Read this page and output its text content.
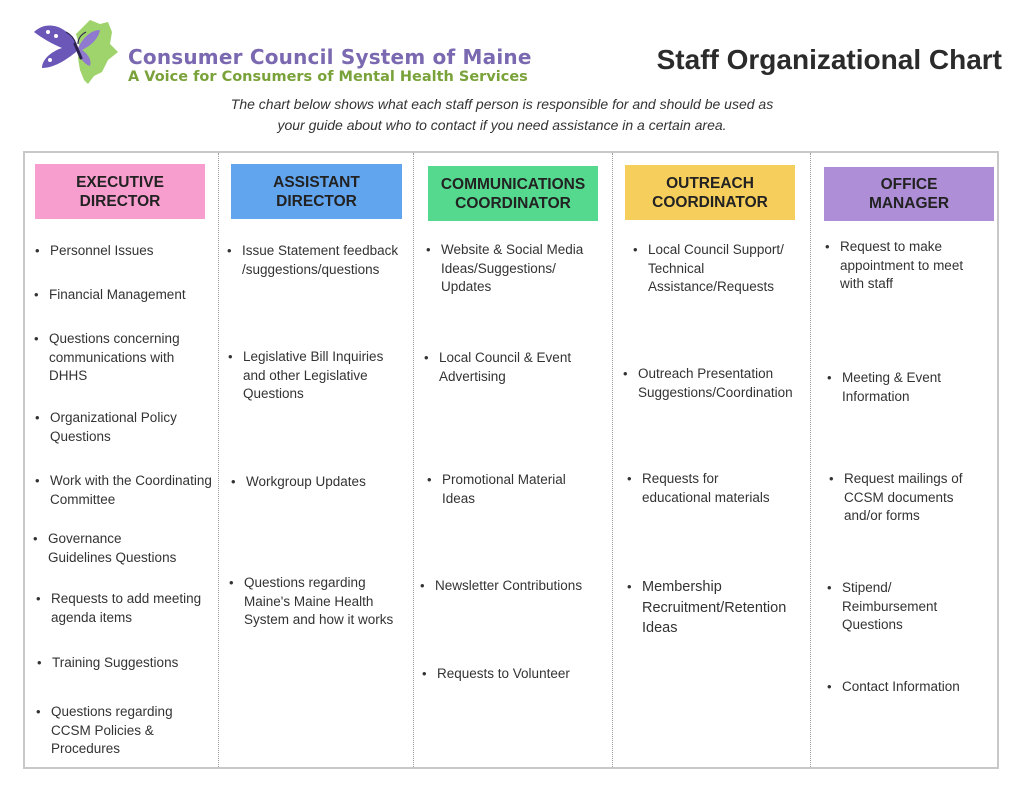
Consumer Council System of Maine
A Voice for Consumers of Mental Health Services
Staff Organizational Chart

The chart below shows what each staff person is responsible for and should be used as
your guide about who to contact if you need assistance in a certain area.

EXECUTIVE
DIRECTOR
• Personnel Issues
• Financial Management
• Questions concerning communications with DHHS
• Organizational Policy Questions
• Work with the Coordinating Committee
• Governance Guidelines Questions
• Requests to add meeting agenda items
• Training Suggestions
• Questions regarding CCSM Policies & Procedures
ASSISTANT
DIRECTOR
• Issue Statement feedback /suggestions/questions
• Legislative Bill Inquiries and other Legislative Questions
• Workgroup Updates
• Questions regarding Maine's Maine Health System and how it works
COMMUNICATIONS
COORDINATOR
• Website & Social Media Ideas/Suggestions/ Updates
• Local Council & Event Advertising
• Promotional Material Ideas
• Newsletter Contributions
• Requests to Volunteer
OUTREACH
COORDINATOR
• Local Council Support/ Technical Assistance/Requests
• Outreach Presentation Suggestions/Coordination
• Requests for educational materials
• Membership Recruitment/Retention Ideas
OFFICE
MANAGER
• Request to make appointment to meet with staff
• Meeting & Event Information
• Request mailings of CCSM documents and/or forms
• Stipend/ Reimbursement Questions
• Contact Information
